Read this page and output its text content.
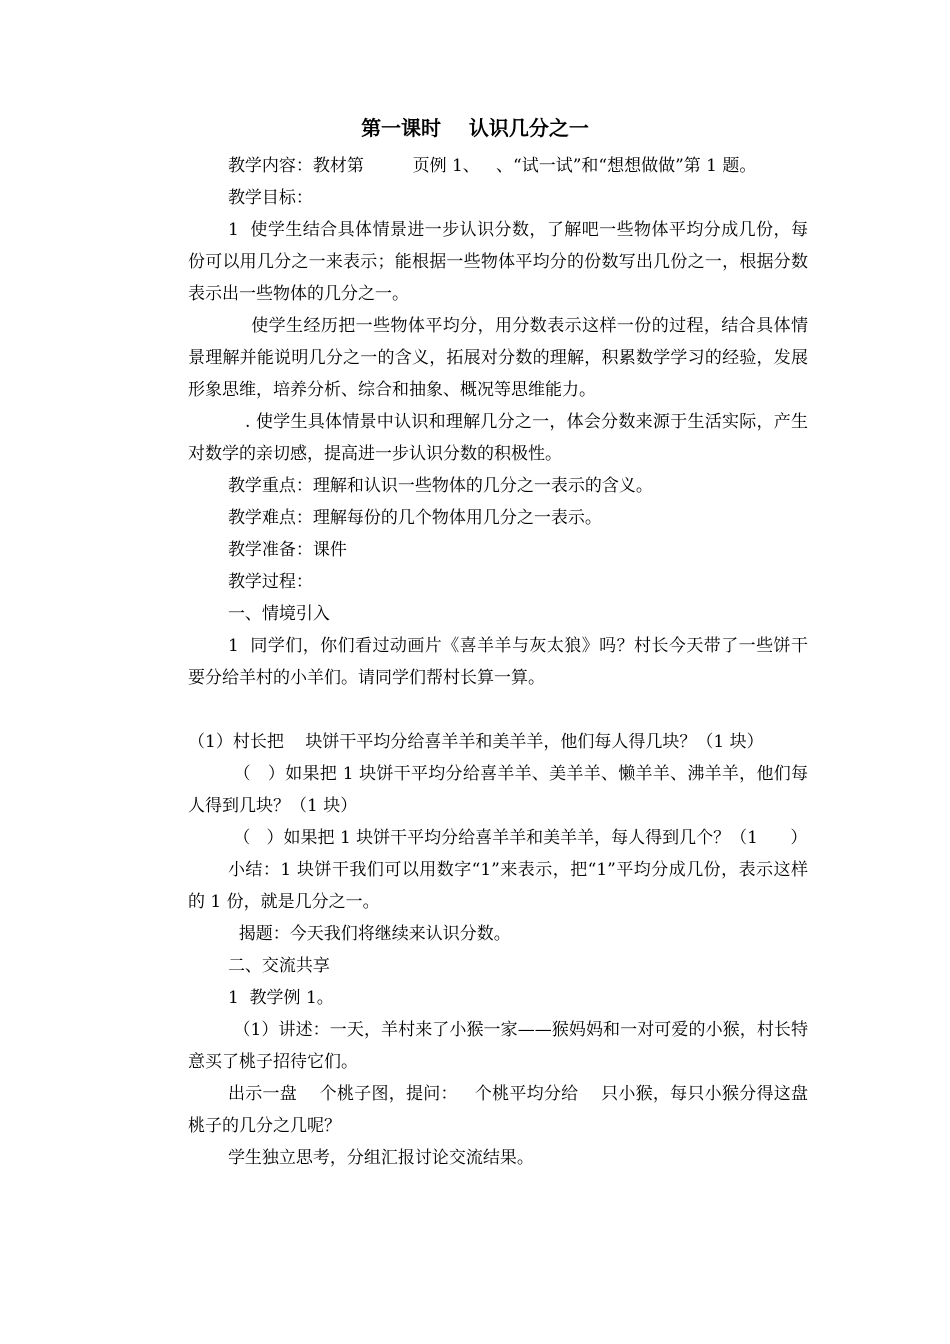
第一课时    认识几分之一

教学内容：教材第         页例 1、   、“试一试”和“想想做做”第 1 题。

教学目标：

1  使学生结合具体情景进一步认识分数，了解吧一些物体平均分成几份，每份可以用几分之一来表示；能根据一些物体平均分的份数写出几份之一，根据分数表示出一些物体的几分之一。

使学生经历把一些物体平均分，用分数表示这样一份的过程，结合具体情景理解并能说明几分之一的含义，拓展对分数的理解，积累数学学习的经验，发展形象思维，培养分析、综合和抽象、概况等思维能力。

. 使学生具体情景中认识和理解几分之一，体会分数来源于生活实际，产生对数学的亲切感，提高进一步认识分数的积极性。

教学重点：理解和认识一些物体的几分之一表示的含义。

教学难点：理解每份的几个物体用几分之一表示。

教学准备：课件

教学过程：

一、情境引入

1  同学们，你们看过动画片《喜羊羊与灰太狼》吗？村长今天带了一些饼干要分给羊村的小羊们。请同学们帮村长算一算。

（1）村长把    块饼干平均分给喜羊羊和美羊羊，他们每人得几块？（1 块）

（   ）如果把 1 块饼干平均分给喜羊羊、美羊羊、懒羊羊、沸羊羊，他们每人得到几块？（1 块）

（   ）如果把 1 块饼干平均分给喜羊羊和美羊羊，每人得到几个？（1      ）

小结：1 块饼干我们可以用数字“1”来表示，把“1”平均分成几份，表示这样的 1 份，就是几分之一。

揭题：今天我们将继续来认识分数。

二、交流共享

1  教学例 1。

（1）讲述：一天，羊村来了小猴一家——猴妈妈和一对可爱的小猴，村长特意买了桃子招待它们。

出示一盘    个桃子图，提问：   个桃平均分给    只小猴，每只小猴分得这盘桃子的几分之几呢？

学生独立思考，分组汇报讨论交流结果。
